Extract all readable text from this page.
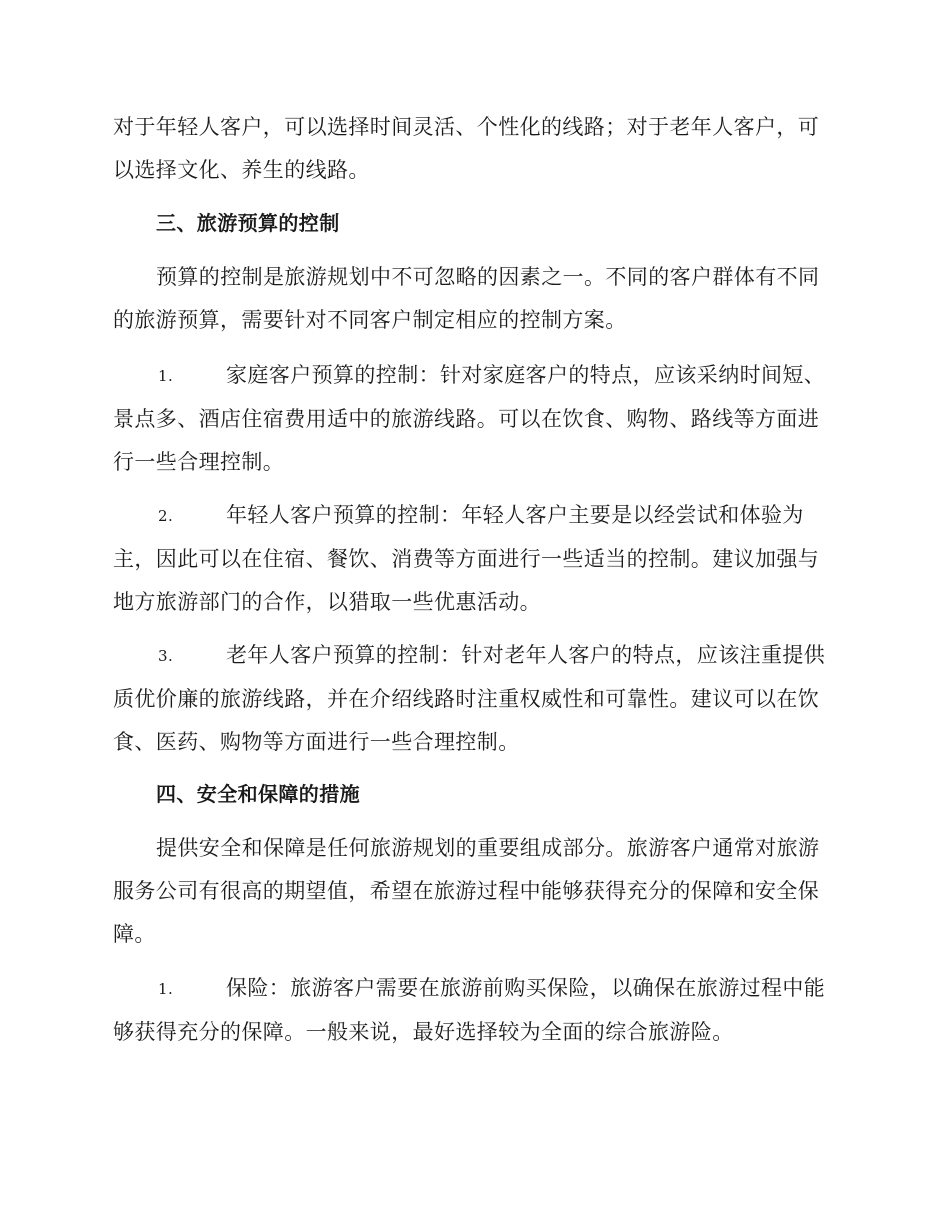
对于年轻人客户，可以选择时间灵活、个性化的线路；对于老年人客户，可以选择文化、养生的线路。

三、旅游预算的控制

预算的控制是旅游规划中不可忽略的因素之一。不同的客户群体有不同的旅游预算，需要针对不同客户制定相应的控制方案。

1.	家庭客户预算的控制：针对家庭客户的特点，应该采纳时间短、景点多、酒店住宿费用适中的旅游线路。可以在饮食、购物、路线等方面进行一些合理控制。

2.	年轻人客户预算的控制：年轻人客户主要是以经尝试和体验为主，因此可以在住宿、餐饮、消费等方面进行一些适当的控制。建议加强与地方旅游部门的合作，以猎取一些优惠活动。

3.	老年人客户预算的控制：针对老年人客户的特点，应该注重提供质优价廉的旅游线路，并在介绍线路时注重权威性和可靠性。建议可以在饮食、医药、购物等方面进行一些合理控制。

四、安全和保障的措施

提供安全和保障是任何旅游规划的重要组成部分。旅游客户通常对旅游服务公司有很高的期望值，希望在旅游过程中能够获得充分的保障和安全保障。

1.	保险：旅游客户需要在旅游前购买保险，以确保在旅游过程中能够获得充分的保障。一般来说，最好选择较为全面的综合旅游险。
